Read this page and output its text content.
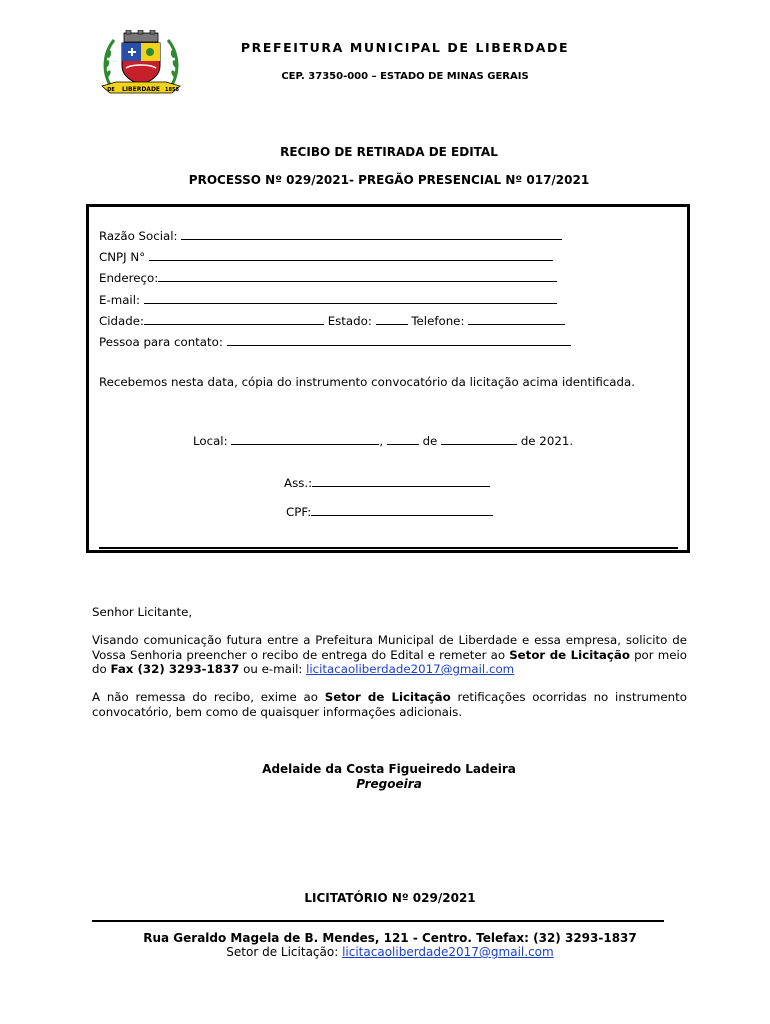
LIBERDADE
DE	1858
PREFEITURA MUNICIPAL DE LIBERDADE
CEP. 37350-000 – ESTADO DE MINAS GERAIS
RECIBO DE RETIRADA DE EDITAL
PROCESSO Nº 029/2021- PREGÃO PRESENCIAL Nº 017/2021
Razão Social:
CNPJ N°
Endereço:
E-mail:
Cidade:	Estado:	Telefone:
Pessoa para contato:
Recebemos nesta data, cópia do instrumento convocatório da licitação acima identificada.
Local:	,	de	de 2021.
Ass.:
CPF:
Senhor Licitante,
Visando comunicação futura entre a Prefeitura Municipal de Liberdade e essa empresa, solicito de Vossa Senhoria preencher o recibo de entrega do Edital e remeter ao Setor de Licitação por meio do Fax (32) 3293-1837 ou e-mail: licitacaoliberdade2017@gmail.com
A não remessa do recibo, exime ao Setor de Licitação retificações ocorridas no instrumento convocatório, bem como de quaisquer informações adicionais.
Adelaide da Costa Figueiredo Ladeira
Pregoeira
LICITATÓRIO Nº 029/2021
Rua Geraldo Magela de B. Mendes, 121 - Centro. Telefax: (32) 3293-1837
Setor de Licitação: licitacaoliberdade2017@gmail.com
